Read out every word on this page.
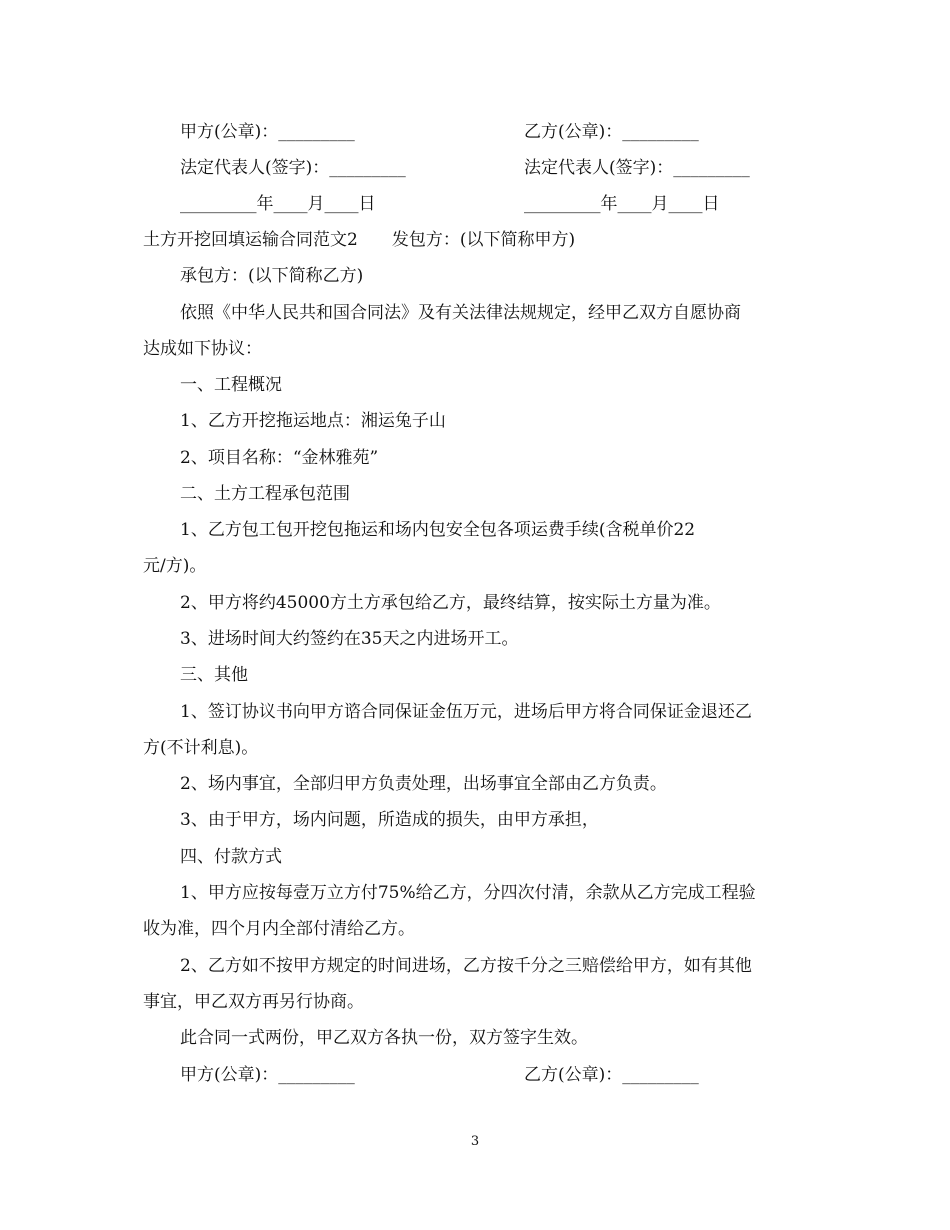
甲方(公章)：_________	乙方(公章)：_________
法定代表人(签字)：_________	法定代表人(签字)：_________
_________年____月____日	_________年____月____日
土方开挖回填运输合同范文2 发包方：(以下简称甲方)
承包方：(以下简称乙方)
依照《中华人民共和国合同法》及有关法律法规规定，经甲乙双方自愿协商
达成如下协议：
一、工程概况
1、乙方开挖拖运地点：湘运兔子山
2、项目名称：“金林雅苑”
二、土方工程承包范围
1、乙方包工包开挖包拖运和场内包安全包各项运费手续(含税单价22
元/方)。
2、甲方将约45000方土方承包给乙方，最终结算，按实际土方量为准。
3、进场时间大约签约在35天之内进场开工。
三、其他
1、签订协议书向甲方谘合同保证金伍万元，进场后甲方将合同保证金退还乙
方(不计利息)。
2、场内事宜，全部归甲方负责处理，出场事宜全部由乙方负责。
3、由于甲方，场内问题，所造成的损失，由甲方承担，
四、付款方式
1、甲方应按每壹万立方付75%给乙方，分四次付清，余款从乙方完成工程验
收为准，四个月内全部付清给乙方。
2、乙方如不按甲方规定的时间进场，乙方按千分之三赔偿给甲方，如有其他
事宜，甲乙双方再另行协商。
此合同一式两份，甲乙双方各执一份，双方签字生效。
甲方(公章)：_________	乙方(公章)：_________
3
